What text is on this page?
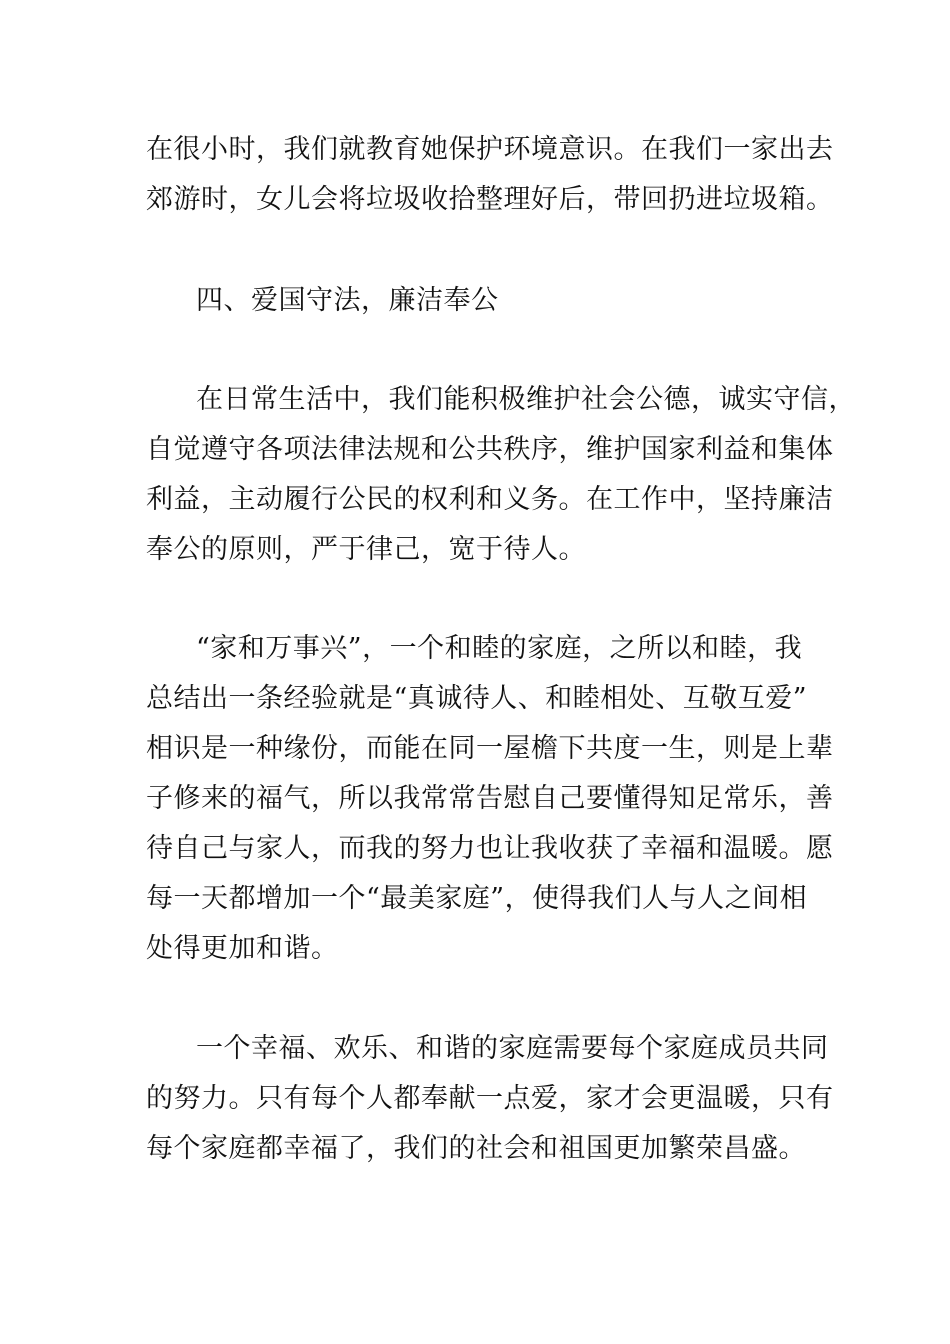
在很小时，我们就教育她保护环境意识。在我们一家出去
郊游时，女儿会将垃圾收拾整理好后，带回扔进垃圾箱。
四、爱国守法，廉洁奉公
在日常生活中，我们能积极维护社会公德，诚实守信，
自觉遵守各项法律法规和公共秩序，维护国家利益和集体
利益，主动履行公民的权利和义务。在工作中，坚持廉洁
奉公的原则，严于律己，宽于待人。
“家和万事兴”，一个和睦的家庭，之所以和睦，我
总结出一条经验就是“真诚待人、和睦相处、互敬互爱”
相识是一种缘份，而能在同一屋檐下共度一生，则是上辈
子修来的福气，所以我常常告慰自己要懂得知足常乐，善
待自己与家人，而我的努力也让我收获了幸福和温暖。愿
每一天都增加一个“最美家庭”，使得我们人与人之间相
处得更加和谐。
一个幸福、欢乐、和谐的家庭需要每个家庭成员共同
的努力。只有每个人都奉献一点爱，家才会更温暖，只有
每个家庭都幸福了，我们的社会和祖国更加繁荣昌盛。
